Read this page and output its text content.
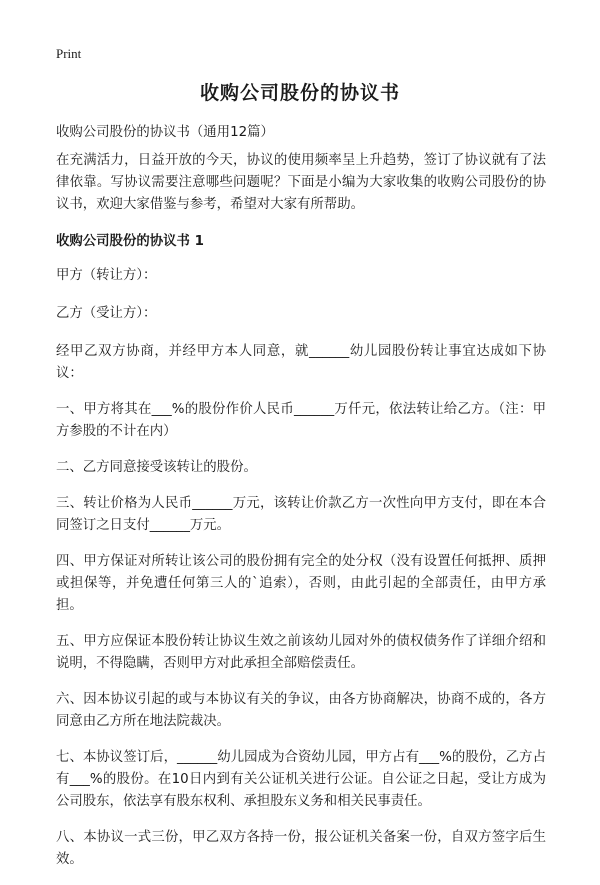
Print
收购公司股份的协议书
收购公司股份的协议书（通用12篇）

在充满活力，日益开放的今天，协议的使用频率呈上升趋势，签订了协议就有了法律依靠。写协议需要注意哪些问题呢？下面是小编为大家收集的收购公司股份的协议书，欢迎大家借鉴与参考，希望对大家有所帮助。

收购公司股份的协议书 1

甲方（转让方）：

乙方（受让方）：

经甲乙双方协商，并经甲方本人同意，就______幼儿园股份转让事宜达成如下协议：

一、甲方将其在___%的股份作价人民币______万仟元，依法转让给乙方。（注：甲方参股的不计在内）

二、乙方同意接受该转让的股份。

三、转让价格为人民币______万元，该转让价款乙方一次性向甲方支付，即在本合同签订之日支付______万元。

四、甲方保证对所转让该公司的股份拥有完全的处分权（没有设置任何抵押、质押或担保等，并免遭任何第三人的`追索），否则，由此引起的全部责任，由甲方承担。

五、甲方应保证本股份转让协议生效之前该幼儿园对外的债权债务作了详细介绍和说明，不得隐瞒，否则甲方对此承担全部赔偿责任。

六、因本协议引起的或与本协议有关的争议，由各方协商解决，协商不成的，各方同意由乙方所在地法院裁决。

七、本协议签订后，______幼儿园成为合资幼儿园，甲方占有___%的股份，乙方占有___%的股份。在10日内到有关公证机关进行公证。自公证之日起，受让方成为公司股东，依法享有股东权利、承担股东义务和相关民事责任。

八、本协议一式三份，甲乙双方各持一份，报公证机关备案一份，自双方签字后生效。
